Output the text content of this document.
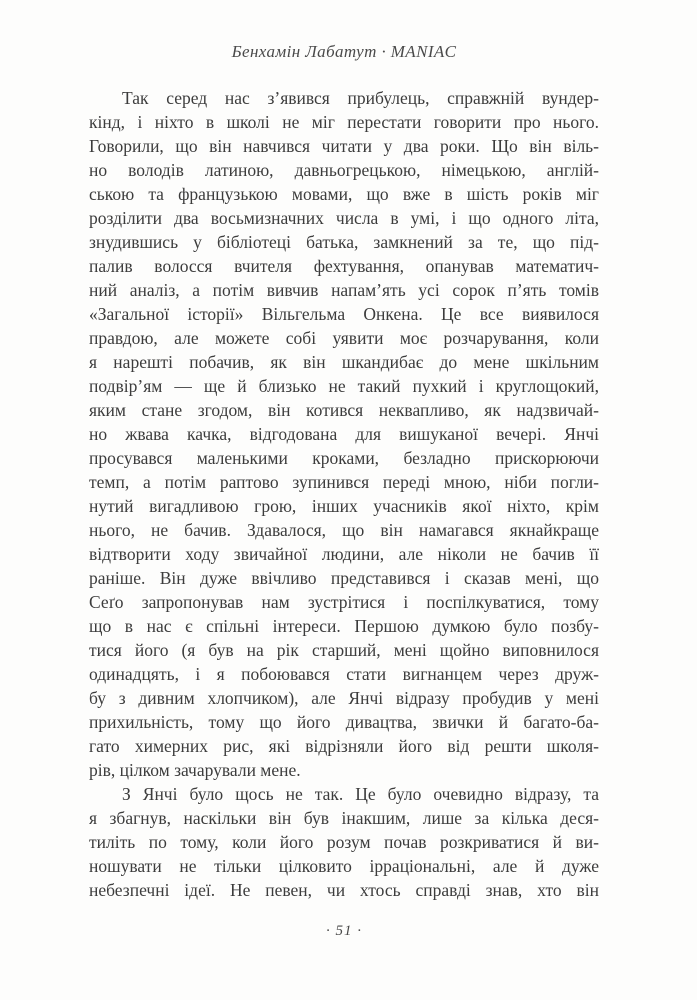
Бенхамін Лабатут · MANIAC
Так серед нас з’явився прибулець, справжній вундер-
кінд, і ніхто в школі не міг перестати говорити про нього.
Говорили, що він навчився читати у два роки. Що він віль-
но володів латиною, давньогрецькою, німецькою, англій-
ською та французькою мовами, що вже в шість років міг
розділити два восьмизначних числа в умі, і що одного літа,
знудившись у бібліотеці батька, замкнений за те, що під-
палив волосся вчителя фехтування, опанував математич-
ний аналіз, а потім вивчив напам’ять усі сорок п’ять томів
«Загальної історії» Вільгельма Онкена. Це все виявилося
правдою, але можете собі уявити моє розчарування, коли
я нарешті побачив, як він шкандибає до мене шкільним
подвір’ям — ще й близько не такий пухкий і круглощокий,
яким стане згодом, він котився неквапливо, як надзвичай-
но жвава качка, відгодована для вишуканої вечері. Янчі
просувався маленькими кроками, безладно прискорюючи
темп, а потім раптово зупинився переді мною, ніби погли-
нутий вигадливою грою, інших учасників якої ніхто, крім
нього, не бачив. Здавалося, що він намагався якнайкраще
відтворити ходу звичайної людини, але ніколи не бачив її
раніше. Він дуже ввічливо представився і сказав мені, що
Сеґо запропонував нам зустрітися і поспілкуватися, тому
що в нас є спільні інтереси. Першою думкою було позбу-
тися його (я був на рік старший, мені щойно виповнилося
одинадцять, і я побоювався стати вигнанцем через друж-
бу з дивним хлопчиком), але Янчі відразу пробудив у мені
прихильність, тому що його дивацтва, звички й багато-ба-
гато химерних рис, які відрізняли його від решти школя-
рів, цілком зачарували мене.
З Янчі було щось не так. Це було очевидно відразу, та
я збагнув, наскільки він був інакшим, лише за кілька деся-
тиліть по тому, коли його розум почав розкриватися й ви-
ношувати не тільки цілковито ірраціональні, але й дуже
небезпечні ідеї. Не певен, чи хтось справді знав, хто він
· 51 ·
